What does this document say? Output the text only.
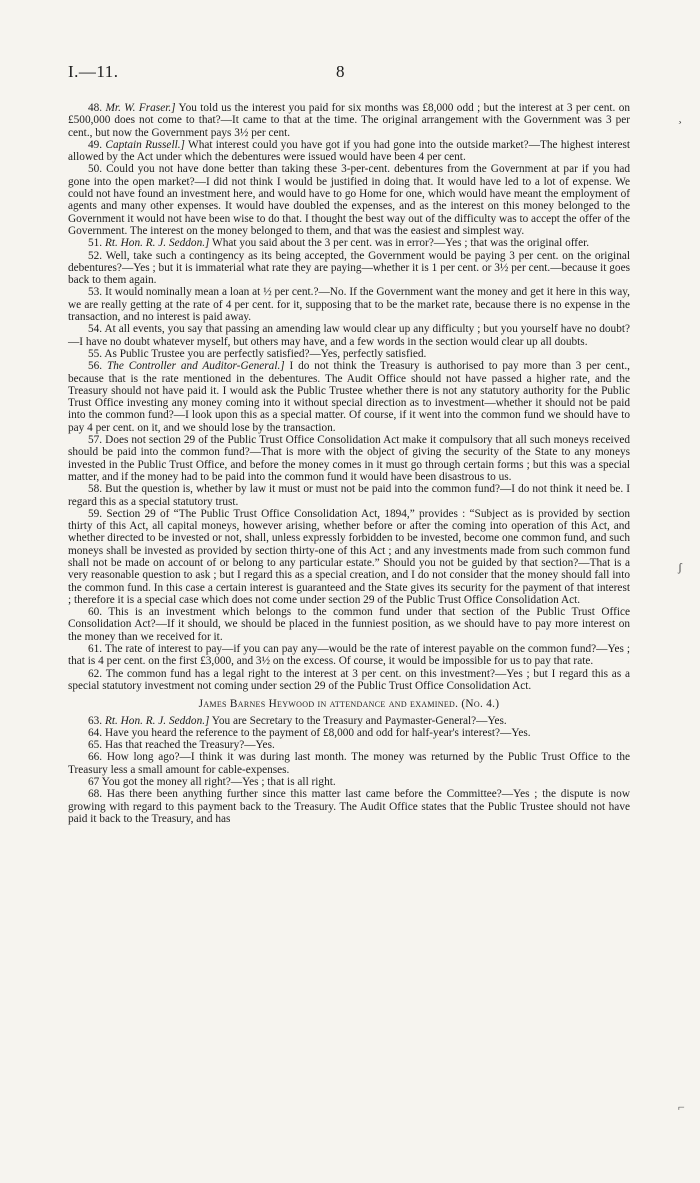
I.—11.	8

48. Mr. W. Fraser.] You told us the interest you paid for six months was £8,000 odd ; but the interest at 3 per cent. on £500,000 does not come to that?—It came to that at the time. The original arrangement with the Government was 3 per cent., but now the Government pays 3½ per cent.

49. Captain Russell.] What interest could you have got if you had gone into the outside market?—The highest interest allowed by the Act under which the debentures were issued would have been 4 per cent.

50. Could you not have done better than taking these 3-per-cent. debentures from the Government at par if you had gone into the open market?—I did not think I would be justified in doing that. It would have led to a lot of expense. We could not have found an investment here, and would have to go Home for one, which would have meant the employment of agents and many other expenses. It would have doubled the expenses, and as the interest on this money belonged to the Government it would not have been wise to do that. I thought the best way out of the difficulty was to accept the offer of the Government. The interest on the money belonged to them, and that was the easiest and simplest way.

51. Rt. Hon. R. J. Seddon.] What you said about the 3 per cent. was in error?—Yes ; that was the original offer.

52. Well, take such a contingency as its being accepted, the Government would be paying 3 per cent. on the original debentures?—Yes ; but it is immaterial what rate they are paying—whether it is 1 per cent. or 3½ per cent.—because it goes back to them again.

53. It would nominally mean a loan at ½ per cent.?—No. If the Government want the money and get it here in this way, we are really getting at the rate of 4 per cent. for it, supposing that to be the market rate, because there is no expense in the transaction, and no interest is paid away.

54. At all events, you say that passing an amending law would clear up any difficulty ; but you yourself have no doubt?—I have no doubt whatever myself, but others may have, and a few words in the section would clear up all doubts.

55. As Public Trustee you are perfectly satisfied?—Yes, perfectly satisfied.

56. The Controller and Auditor-General.] I do not think the Treasury is authorised to pay more than 3 per cent., because that is the rate mentioned in the debentures. The Audit Office should not have passed a higher rate, and the Treasury should not have paid it. I would ask the Public Trustee whether there is not any statutory authority for the Public Trust Office investing any money coming into it without special direction as to investment—whether it should not be paid into the common fund?—I look upon this as a special matter. Of course, if it went into the common fund we should have to pay 4 per cent. on it, and we should lose by the transaction.

57. Does not section 29 of the Public Trust Office Consolidation Act make it compulsory that all such moneys received should be paid into the common fund?—That is more with the object of giving the security of the State to any moneys invested in the Public Trust Office, and before the money comes in it must go through certain forms ; but this was a special matter, and if the money had to be paid into the common fund it would have been disastrous to us.

58. But the question is, whether by law it must or must not be paid into the common fund?—I do not think it need be. I regard this as a special statutory trust.

59. Section 29 of “The Public Trust Office Consolidation Act, 1894,” provides : “Subject as is provided by section thirty of this Act, all capital moneys, however arising, whether before or after the coming into operation of this Act, and whether directed to be invested or not, shall, unless expressly forbidden to be invested, become one common fund, and such moneys shall be invested as provided by section thirty-one of this Act ; and any investments made from such common fund shall not be made on account of or belong to any particular estate.” Should you not be guided by that section?—That is a very reasonable question to ask ; but I regard this as a special creation, and I do not consider that the money should fall into the common fund. In this case a certain interest is guaranteed and the State gives its security for the payment of that interest ; therefore it is a special case which does not come under section 29 of the Public Trust Office Consolidation Act.

60. This is an investment which belongs to the common fund under that section of the Public Trust Office Consolidation Act?—If it should, we should be placed in the funniest position, as we should have to pay more interest on the money than we received for it.

61. The rate of interest to pay—if you can pay any—would be the rate of interest payable on the common fund?—Yes ; that is 4 per cent. on the first £3,000, and 3½ on the excess. Of course, it would be impossible for us to pay that rate.

62. The common fund has a legal right to the interest at 3 per cent. on this investment?—Yes ; but I regard this as a special statutory investment not coming under section 29 of the Public Trust Office Consolidation Act.

James Barnes Heywood in attendance and examined. (No. 4.)

63. Rt. Hon. R. J. Seddon.] You are Secretary to the Treasury and Paymaster-General?—Yes.

64. Have you heard the reference to the payment of £8,000 and odd for half-year's interest?—Yes.

65. Has that reached the Treasury?—Yes.

66. How long ago?—I think it was during last month. The money was returned by the Public Trust Office to the Treasury less a small amount for cable-expenses.

67 You got the money all right?—Yes ; that is all right.

68. Has there been anything further since this matter last came before the Committee?—Yes ; the dispute is now growing with regard to this payment back to the Treasury. The Audit Office states that the Public Trustee should not have paid it back to the Treasury, and has

¸
ʃ
⌐
